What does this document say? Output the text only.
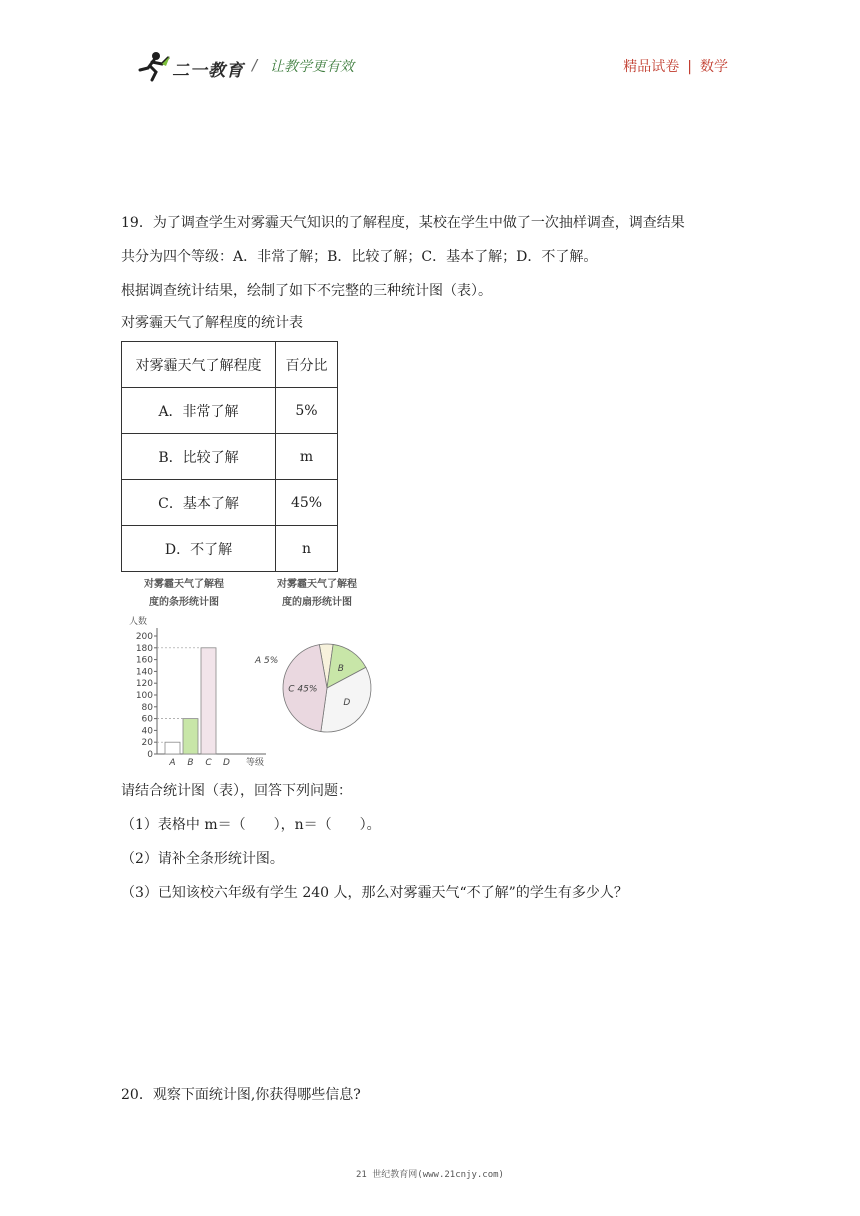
二一教育 / 让教学更有效	精品试卷 | 数学
19．为了调查学生对雾霾天气知识的了解程度，某校在学生中做了一次抽样调查，调查结果
共分为四个等级：A．非常了解；B．比较了解；C．基本了解；D．不了解。
根据调查统计结果，绘制了如下不完整的三种统计图（表）。
对雾霾天气了解程度的统计表
对雾霾天气了解程度	百分比
A．非常了解	5%
B．比较了解	m
C．基本了解	45%
D．不了解	n
对雾霾天气了解程
度的条形统计图
对雾霾天气了解程
度的扇形统计图
人数
0
20
40
60
80
100
120
140
160
180
200
A B C D 等级
A 5%
B
D
C 45%
请结合统计图（表），回答下列问题：
（1）表格中 m＝（　　），n＝（　　）。
（2）请补全条形统计图。
（3）已知该校六年级有学生 240 人，那么对雾霾天气“不了解”的学生有多少人？
20．观察下面统计图,你获得哪些信息?
21 世纪教育网(www.21cnjy.com)
